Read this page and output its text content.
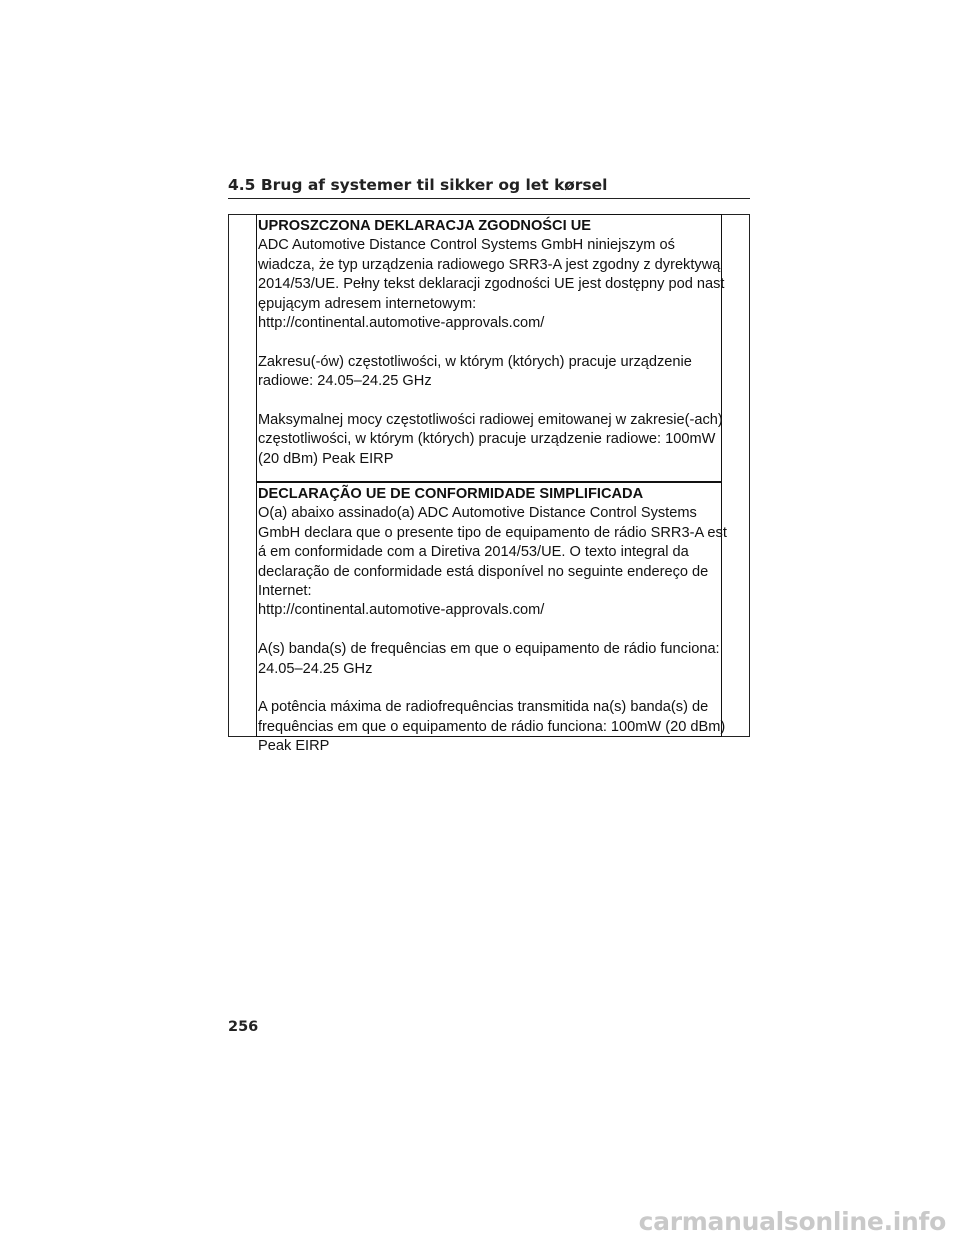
4.5 Brug af systemer til sikker og let kørsel
UPROSZCZONA DEKLARACJA ZGODNOŚCI UE

ADC Automotive Distance Control Systems GmbH niniejszym oś
wiadcza, że typ urządzenia radiowego SRR3-A jest zgodny z dyrektywą
2014/53/UE. Pełny tekst deklaracji zgodności UE jest dostępny pod nast
ępującym adresem internetowym:
http://continental.automotive-approvals.com/

Zakresu(-ów) częstotliwości, w którym (których) pracuje urządzenie
radiowe: 24.05–24.25 GHz

Maksymalnej mocy częstotliwości radiowej emitowanej w zakresie(-ach)
częstotliwości, w którym (których) pracuje urządzenie radiowe: 100mW
(20 dBm) Peak EIRP

DECLARAÇÃO UE DE CONFORMIDADE SIMPLIFICADA

O(a) abaixo assinado(a) ADC Automotive Distance Control Systems
GmbH declara que o presente tipo de equipamento de rádio SRR3-A est
á em conformidade com a Diretiva 2014/53/UE. O texto integral da
declaração de conformidade está disponível no seguinte endereço de
Internet:
http://continental.automotive-approvals.com/

A(s) banda(s) de frequências em que o equipamento de rádio funciona:
24.05–24.25 GHz

A potência máxima de radiofrequências transmitida na(s) banda(s) de
frequências em que o equipamento de rádio funciona: 100mW (20 dBm)
Peak EIRP

256
carmanualsonline.info
